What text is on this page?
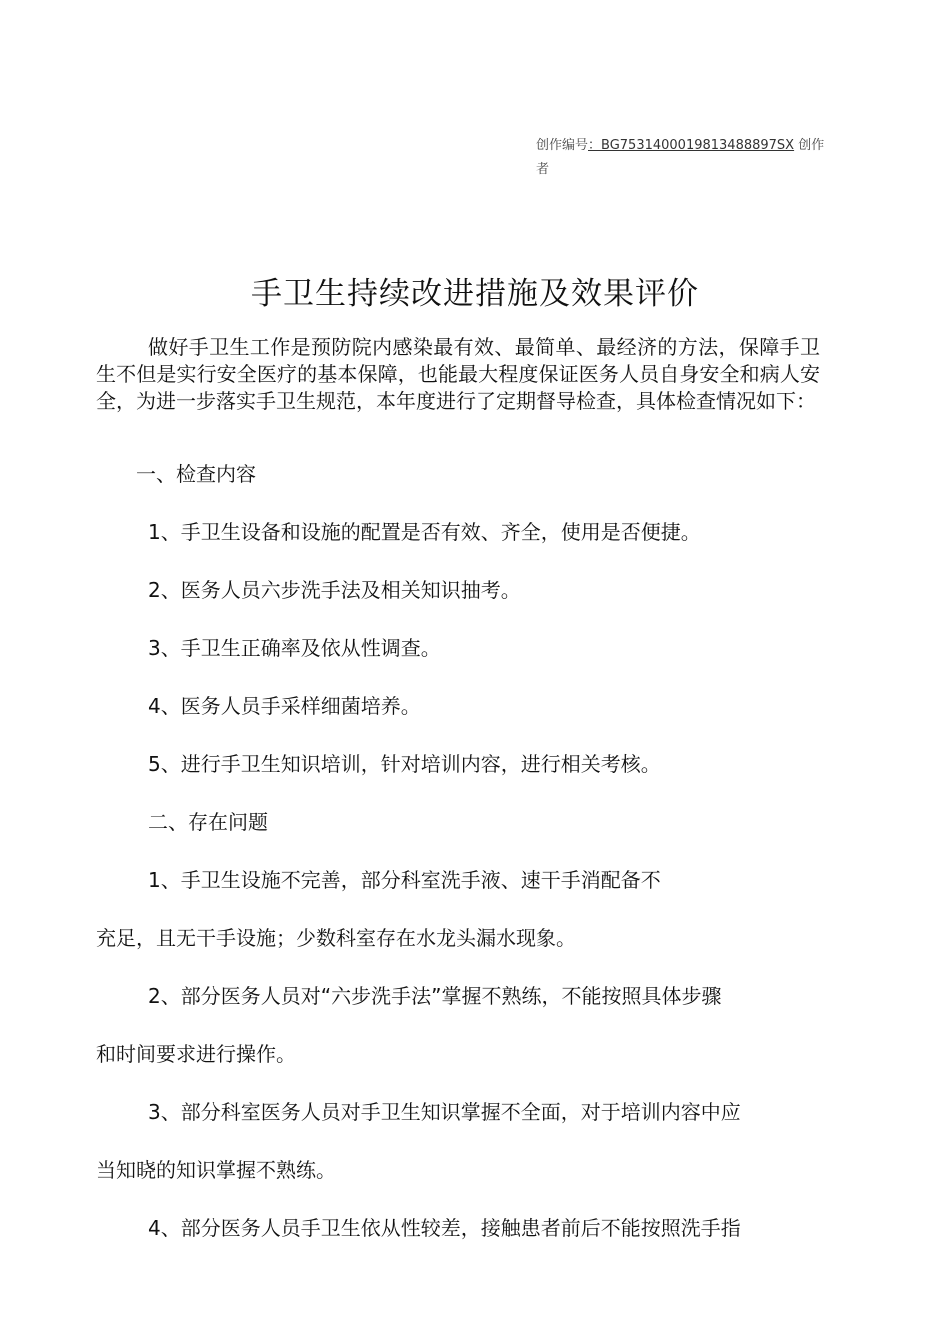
创作编号：BG7531400019813488897SX 创作者
手卫生持续改进措施及效果评价

做好手卫生工作是预防院内感染最有效、最简单、最经济的方法，保障手卫生不但是实行安全医疗的基本保障，也能最大程度保证医务人员自身安全和病人安全，为进一步落实手卫生规范，本年度进行了定期督导检查，具体检查情况如下：

一、检查内容

1、手卫生设备和设施的配置是否有效、齐全，使用是否便捷。

2、医务人员六步洗手法及相关知识抽考。

3、手卫生正确率及依从性调查。

4、医务人员手采样细菌培养。

5、进行手卫生知识培训，针对培训内容，进行相关考核。

二、存在问题

1、手卫生设施不完善，部分科室洗手液、速干手消配备不

充足，且无干手设施；少数科室存在水龙头漏水现象。

2、部分医务人员对“六步洗手法”掌握不熟练，不能按照具体步骤

和时间要求进行操作。

3、部分科室医务人员对手卫生知识掌握不全面，对于培训内容中应

当知晓的知识掌握不熟练。

4、部分医务人员手卫生依从性较差，接触患者前后不能按照洗手指
